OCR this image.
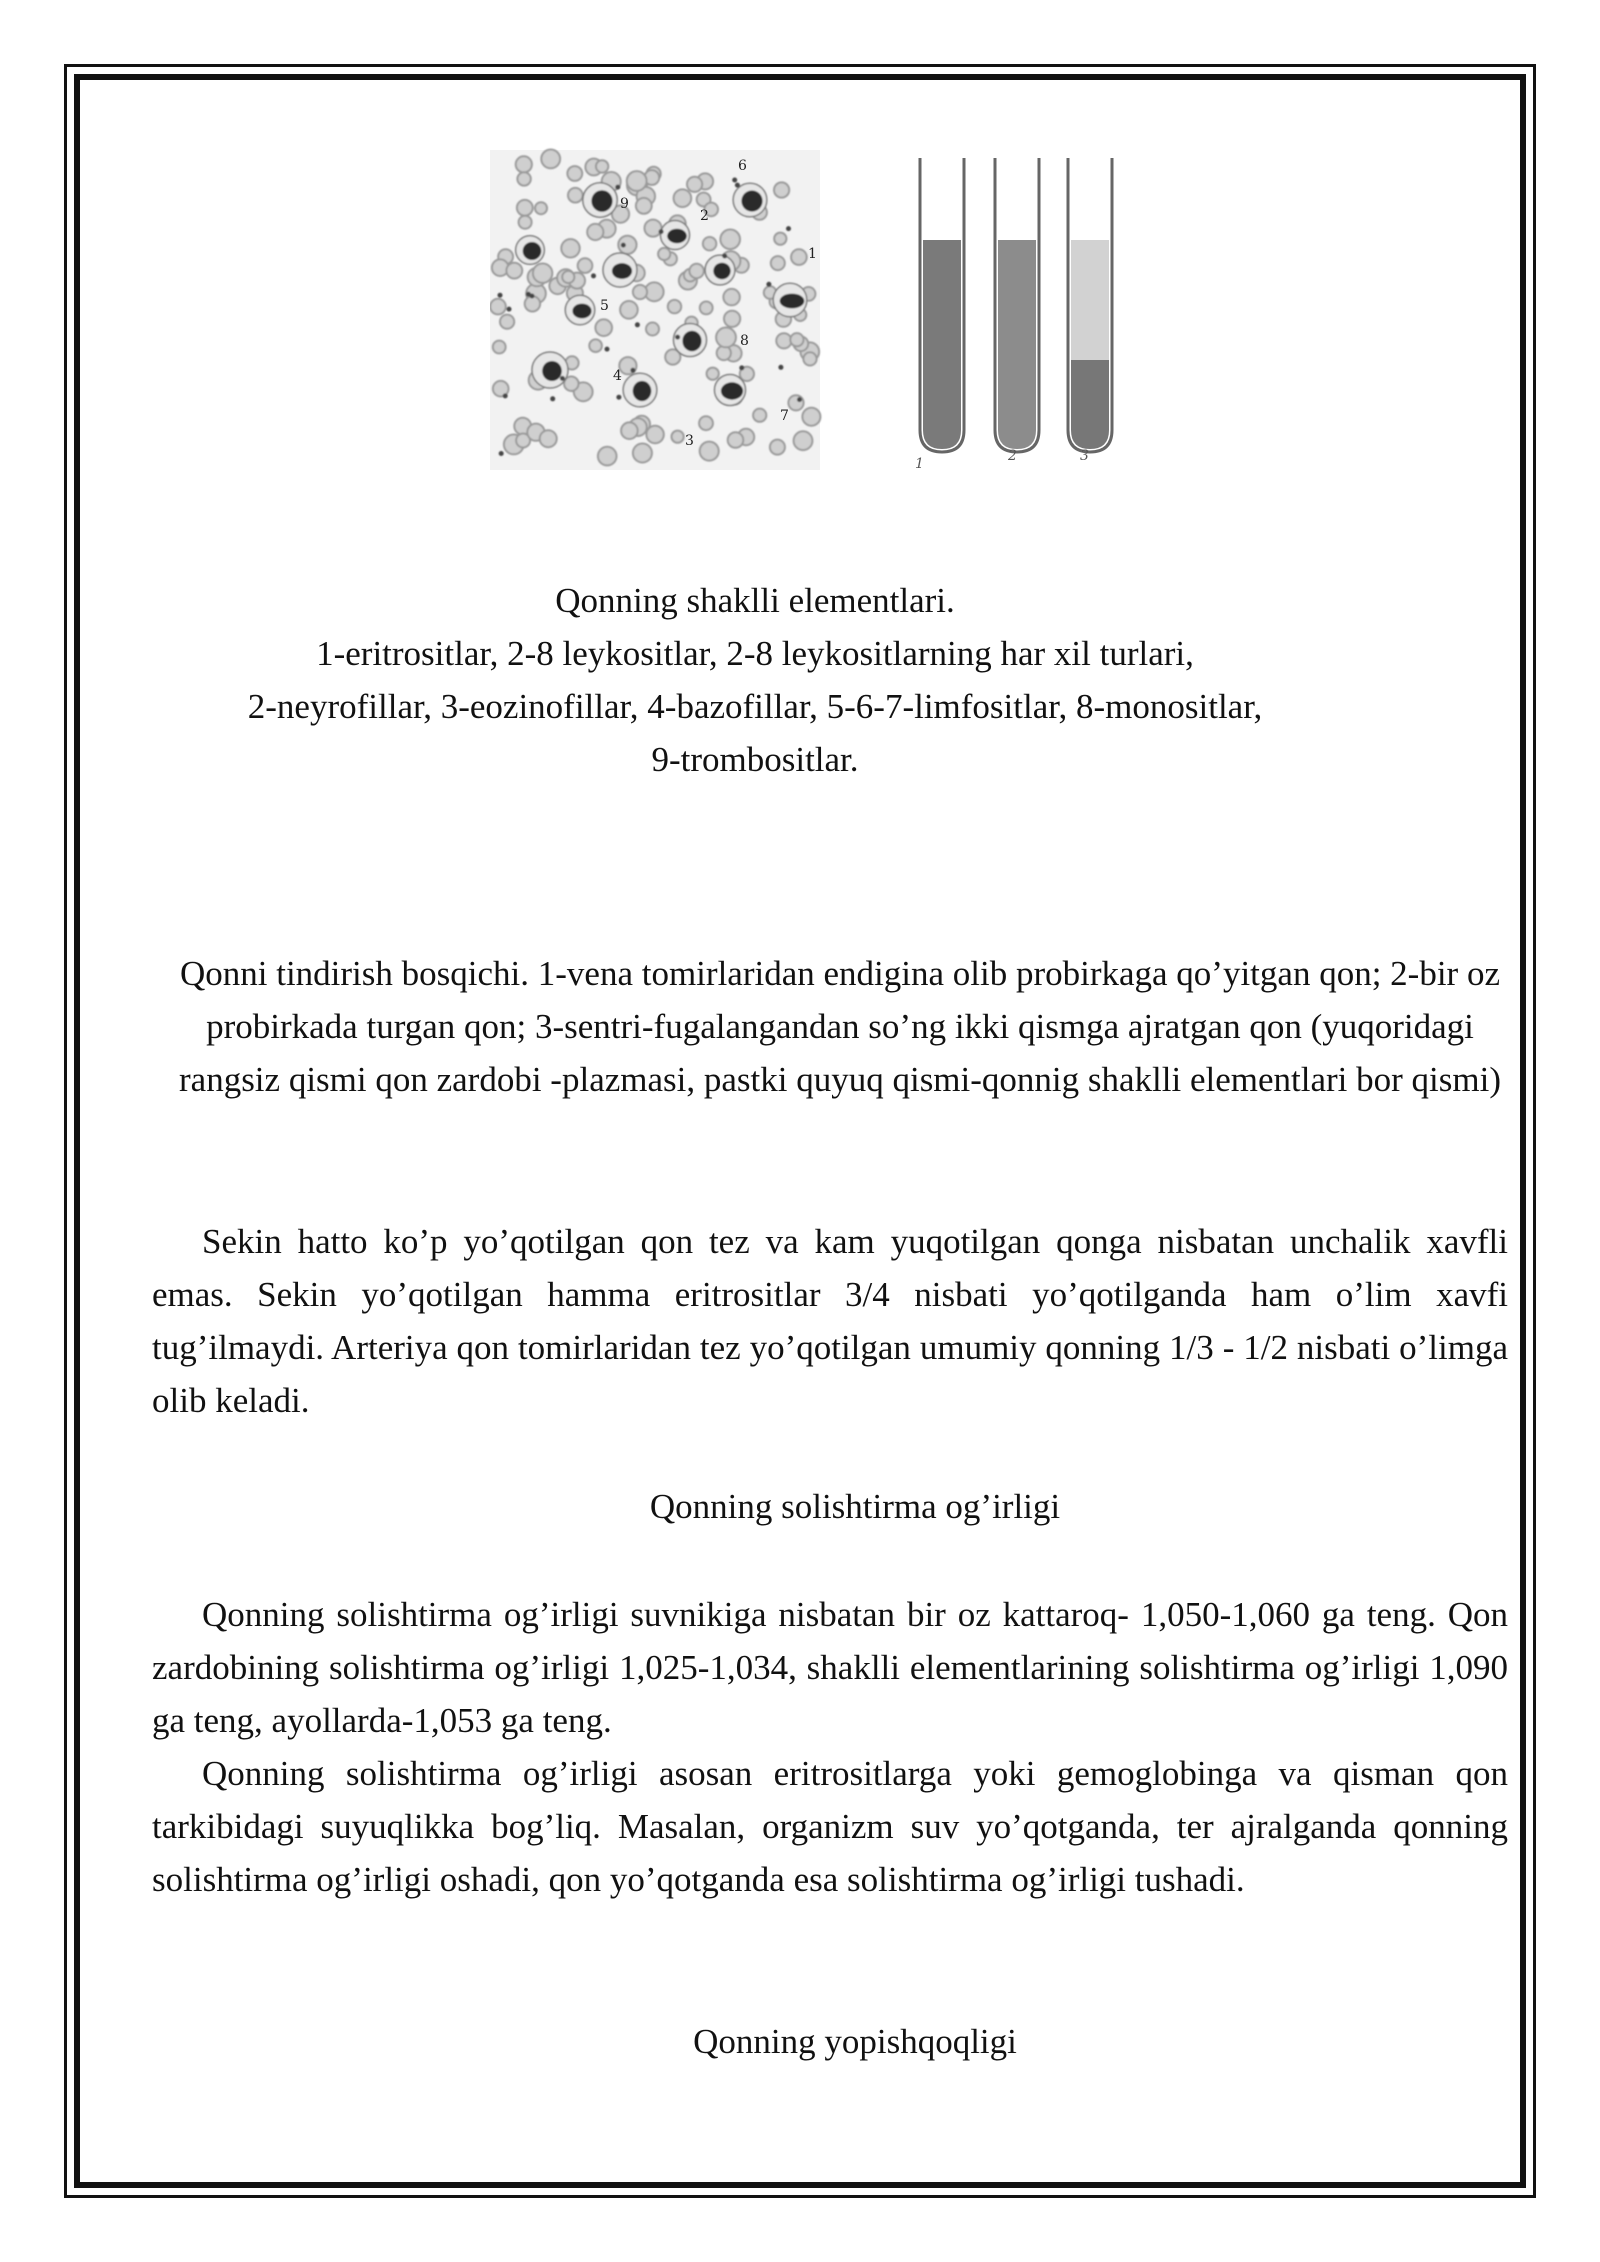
1
2
3
4
5
6
7
8
9
1	2	3

Qonning shaklli elementlari.

1-eritrositlar, 2-8 leykositlar, 2-8 leykositlarning har xil turlari,

2-neyrofillar, 3-eozinofillar, 4-bazofillar, 5-6-7-limfositlar, 8-monositlar,

9-trombositlar.

Qonni tindirish bosqichi. 1-vena tomirlaridan endigina olib probirkaga qo’yitgan qon; 2-bir oz probirkada turgan qon; 3-sentri-fugalangandan so’ng ikki qismga ajratgan qon (yuqoridagi rangsiz qismi qon zardobi -plazmasi, pastki quyuq qismi-qonnig shaklli elementlari bor qismi)

Sekin hatto ko’p yo’qotilgan qon tez va kam yuqotilgan qonga nisbatan unchalik xavfli emas. Sekin yo’qotilgan hamma eritrositlar 3/4 nisbati yo’qotilganda ham o’lim xavfi tug’ilmaydi. Arteriya qon tomirlaridan tez yo’qotilgan umumiy qonning 1/3 - 1/2 nisbati o’limga olib keladi.

Qonning solishtirma og’irligi

Qonning solishtirma og’irligi suvnikiga nisbatan bir oz kattaroq- 1,050-1,060 ga teng. Qon zardobining solishtirma og’irligi 1,025-1,034, shaklli elementlarining solishtirma og’irligi 1,090 ga teng, ayollarda-1,053 ga teng.

Qonning solishtirma og’irligi asosan eritrositlarga yoki gemoglobinga va qisman qon tarkibidagi suyuqlikka bog’liq. Masalan, organizm suv yo’qotganda, ter ajralganda qonning solishtirma og’irligi oshadi, qon yo’qotganda esa solishtirma og’irligi tushadi.

Qonning yopishqoqligi
